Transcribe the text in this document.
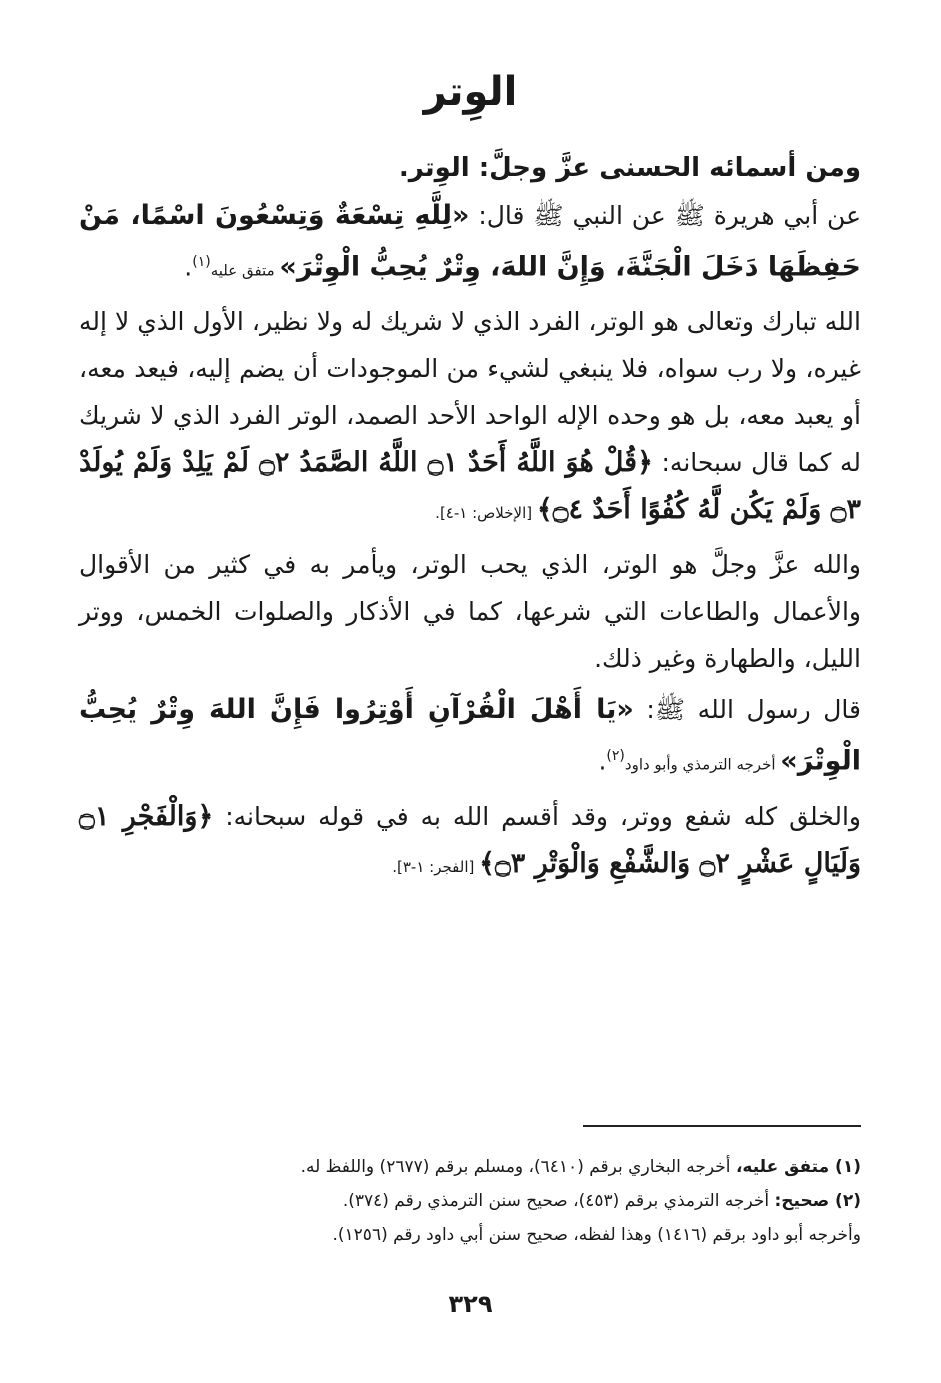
الوِتر

ومن أسمائه الحسنى عزَّ وجلَّ: الوِتر.

عن أبي هريرة ﷺ عن النبي ﷺ قال: «لِلَّهِ تِسْعَةٌ وَتِسْعُونَ اسْمًا، مَنْ حَفِظَهَا دَخَلَ الْجَنَّةَ، وَإِنَّ اللهَ، وِتْرٌ يُحِبُّ الْوِتْرَ» متفق عليه$^{(١)}$.

الله تبارك وتعالى هو الوتر، الفرد الذي لا شريك له ولا نظير، الأول الذي لا إله غيره، ولا رب سواه، فلا ينبغي لشيء من الموجودات أن يضم إليه، فيعد معه، أو يعبد معه، بل هو وحده الإله الواحد الأحد الصمد، الوتر الفرد الذي لا شريك له كما قال سبحانه: ﴿قُلْ هُوَ اللَّهُ أَحَدٌ ۝١ اللَّهُ الصَّمَدُ ۝٢ لَمْ يَلِدْ وَلَمْ يُولَدْ ۝٣ وَلَمْ يَكُن لَّهُ كُفُوًا أَحَدٌ ۝٤﴾ [الإخلاص: ١-٤].

والله عزَّ وجلَّ هو الوتر، الذي يحب الوتر، ويأمر به في كثير من الأقوال والأعمال والطاعات التي شرعها، كما في الأذكار والصلوات الخمس، ووتر الليل، والطهارة وغير ذلك.

قال رسول الله ﷺ: «يَا أَهْلَ الْقُرْآنِ أَوْتِرُوا فَإِنَّ اللهَ وِتْرٌ يُحِبُّ الْوِتْرَ» أخرجه الترمذي وأبو داود$^{(٢)}$.

والخلق كله شفع ووتر، وقد أقسم الله به في قوله سبحانه: ﴿وَالْفَجْرِ ۝١ وَلَيَالٍ عَشْرٍ ۝٢ وَالشَّفْعِ وَالْوَتْرِ ۝٣﴾ [الفجر: ١-٣].

(١) متفق عليه، أخرجه البخاري برقم (٦٤١٠)، ومسلم برقم (٢٦٧٧) واللفظ له.
(٢) صحيح: أخرجه الترمذي برقم (٤٥٣)، صحيح سنن الترمذي رقم (٣٧٤).
وأخرجه أبو داود برقم (١٤١٦) وهذا لفظه، صحيح سنن أبي داود رقم (١٢٥٦).
٣٢٩
